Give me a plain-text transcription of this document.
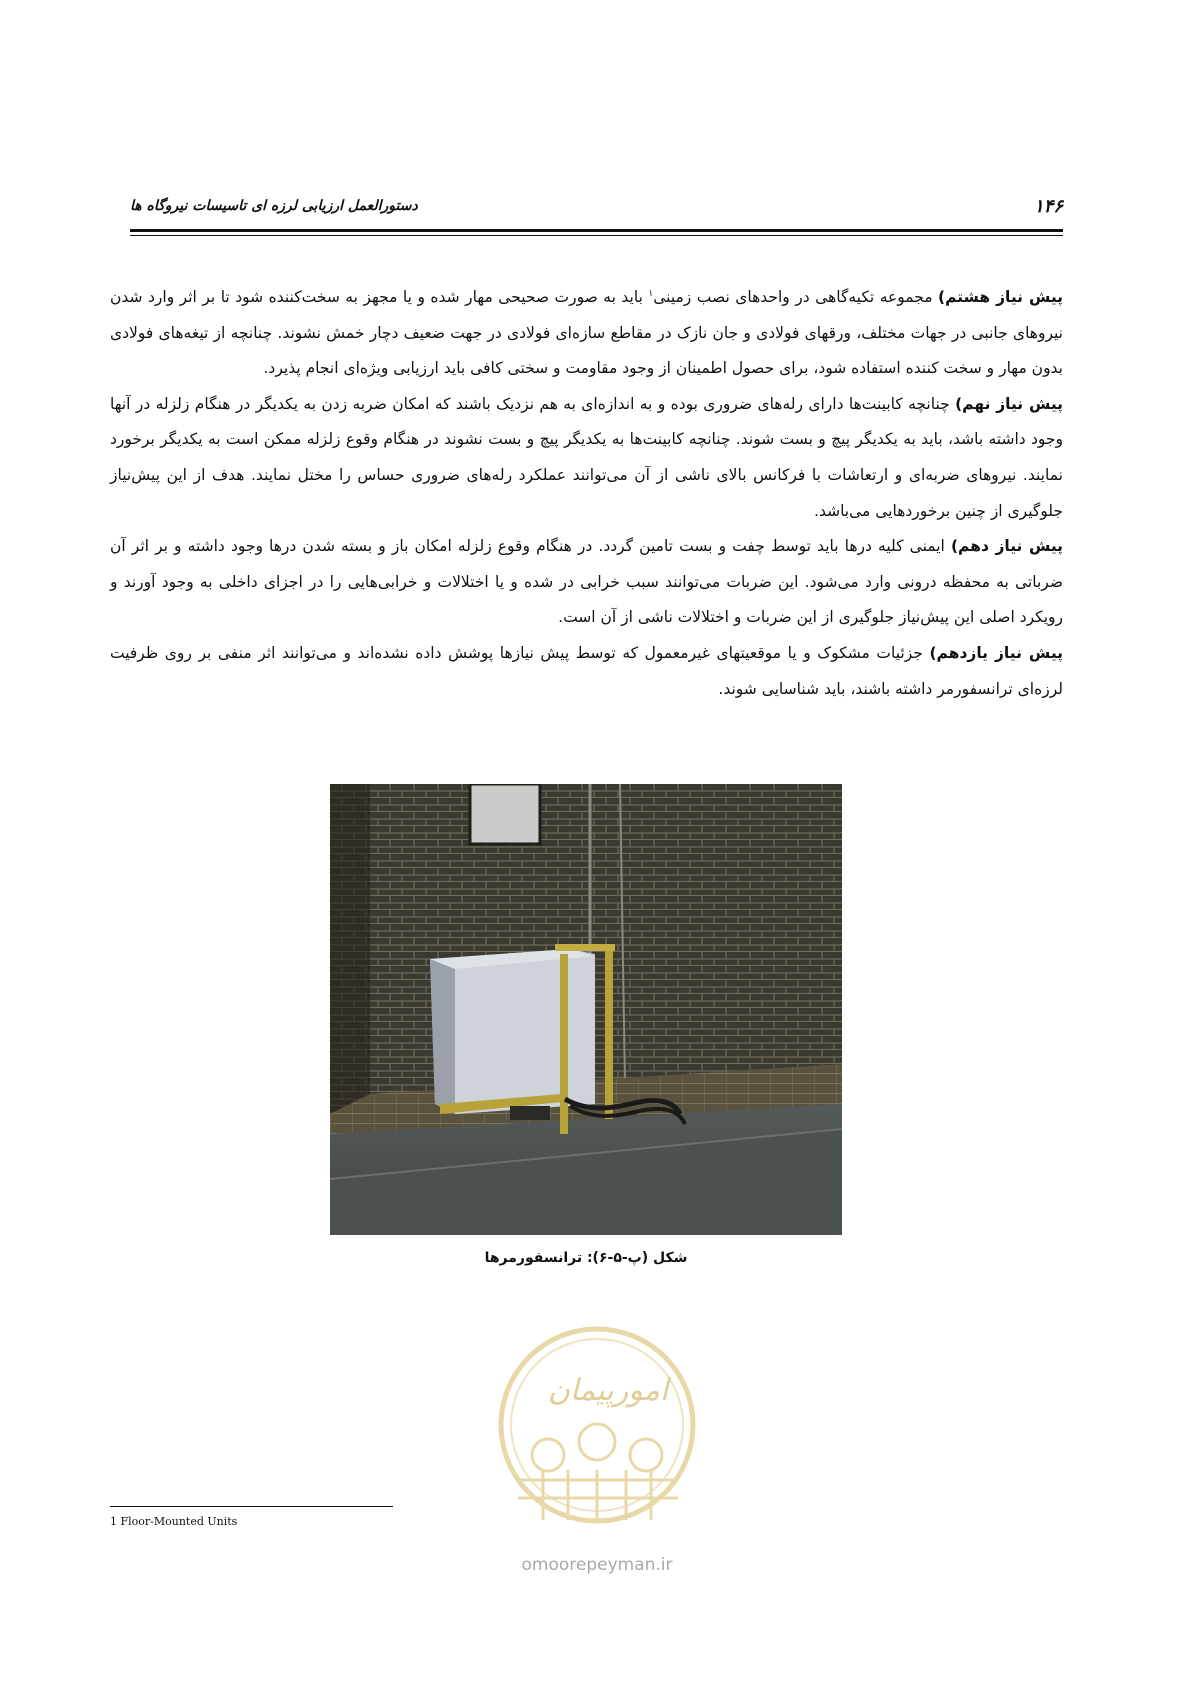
۱۴۶
دستورالعمل ارزیابی لرزه ای تاسیسات نیروگاه ها

پیش نیاز هشتم) مجموعه تکیه‌گاهی در واحدهای نصب زمینی$^۱$ باید به صورت صحیحی مهار شده و یا مجهز به سخت‌کننده شود تا بر اثر وارد شدن نیروهای جانبی در جهات مختلف، ورقهای فولادی و جان نازک در مقاطع سازه‌ای فولادی در جهت ضعیف دچار خمش نشوند. چنانچه از تیغه‌های فولادی بدون مهار و سخت کننده استفاده شود، برای حصول اطمینان از وجود مقاومت و سختی کافی باید ارزیابی ویژه‌ای انجام پذیرد.

پیش نیاز نهم) چنانچه کابینت‌ها دارای رله‌های ضروری بوده و به اندازه‌ای به هم نزدیک باشند که امکان ضربه زدن به یکدیگر در هنگام زلزله در آنها وجود داشته باشد، باید به یکدیگر پیچ و بست شوند. چنانچه کابینت‌ها به یکدیگر پیچ و بست نشوند در هنگام وقوع زلزله ممکن است به یکدیگر برخورد نمایند. نیروهای ضربه‌ای و ارتعاشات با فرکانس بالای ناشی از آن می‌توانند عملکرد رله‌های ضروری حساس را مختل نمایند. هدف از این پیش‌نیاز جلوگیری از چنین برخوردهایی می‌باشد.

پیش نیاز دهم) ایمنی کلیه درها باید توسط چفت و بست تامین گردد. در هنگام وقوع زلزله امکان باز و بسته شدن درها وجود داشته و بر اثر آن ضرباتی به محفظه درونی وارد می‌شود. این ضربات می‌توانند سبب خرابی در شده و یا اختلالات و خرابی‌هایی را در اجزای داخلی به وجود آورند و رویکرد اصلی این پیش‌نیاز جلوگیری از این ضربات و اختلالات ناشی از آن است.

پیش نیاز یازدهم) جزئیات مشکوک و یا موقعیتهای غیرمعمول که توسط پیش نیازها پوشش داده نشده‌اند و می‌توانند اثر منفی بر روی ظرفیت لرزه‌ای ترانسفورمر داشته باشند، باید شناسایی شوند.

شکل (پ-۵-۶): ترانسفورمرها
امورپیمان
omoorepeyman.ir
1 Floor-Mounted Units
